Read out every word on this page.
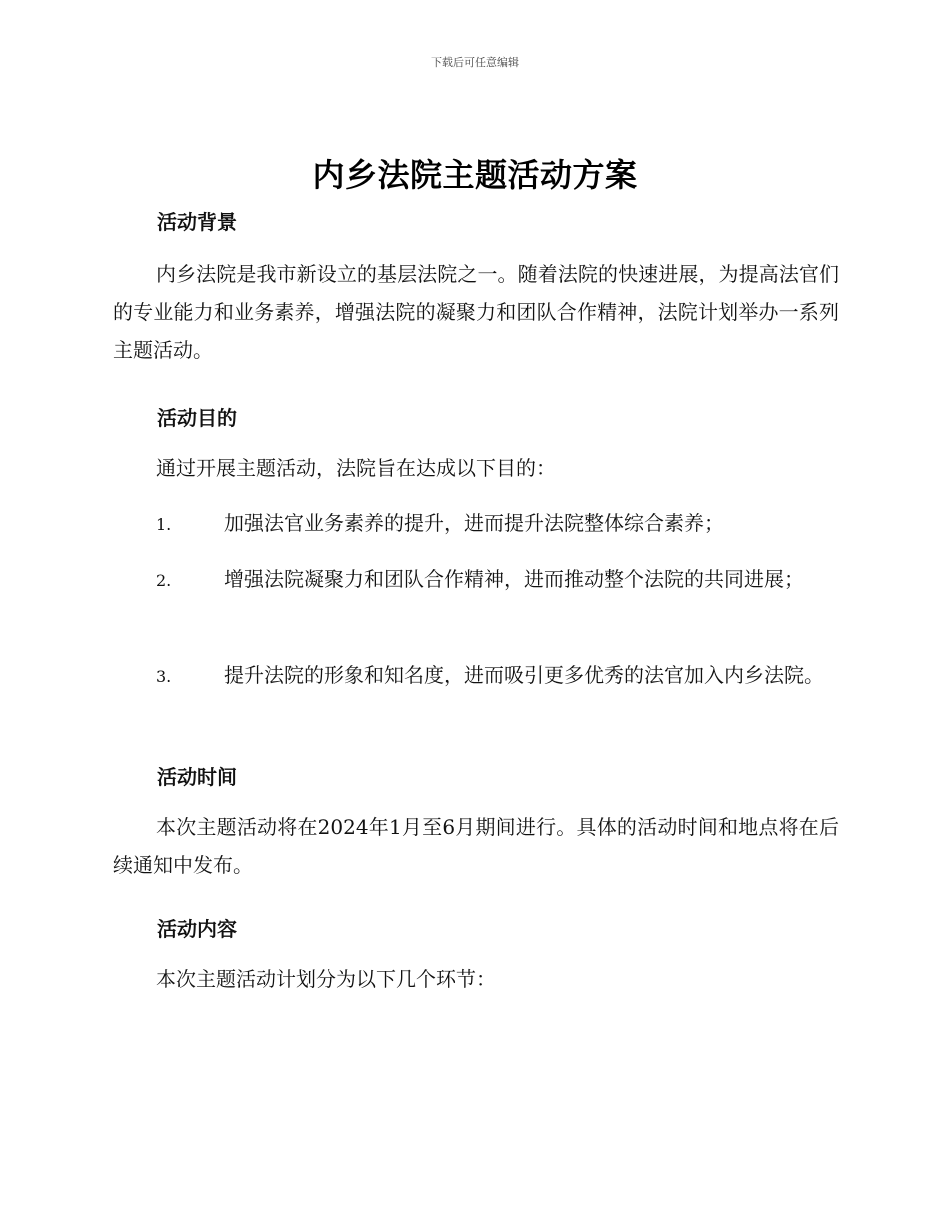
下载后可任意编辑
内乡法院主题活动方案
活动背景
内乡法院是我市新设立的基层法院之一。随着法院的快速进展，为提高法官们的专业能力和业务素养，增强法院的凝聚力和团队合作精神，法院计划举办一系列主题活动。
活动目的
通过开展主题活动，法院旨在达成以下目的：
1.	加强法官业务素养的提升，进而提升法院整体综合素养；
2.	增强法院凝聚力和团队合作精神，进而推动整个法院的共同进展；
3.	提升法院的形象和知名度，进而吸引更多优秀的法官加入内乡法院。
活动时间
本次主题活动将在2024年1月至6月期间进行。具体的活动时间和地点将在后续通知中发布。
活动内容
本次主题活动计划分为以下几个环节：
